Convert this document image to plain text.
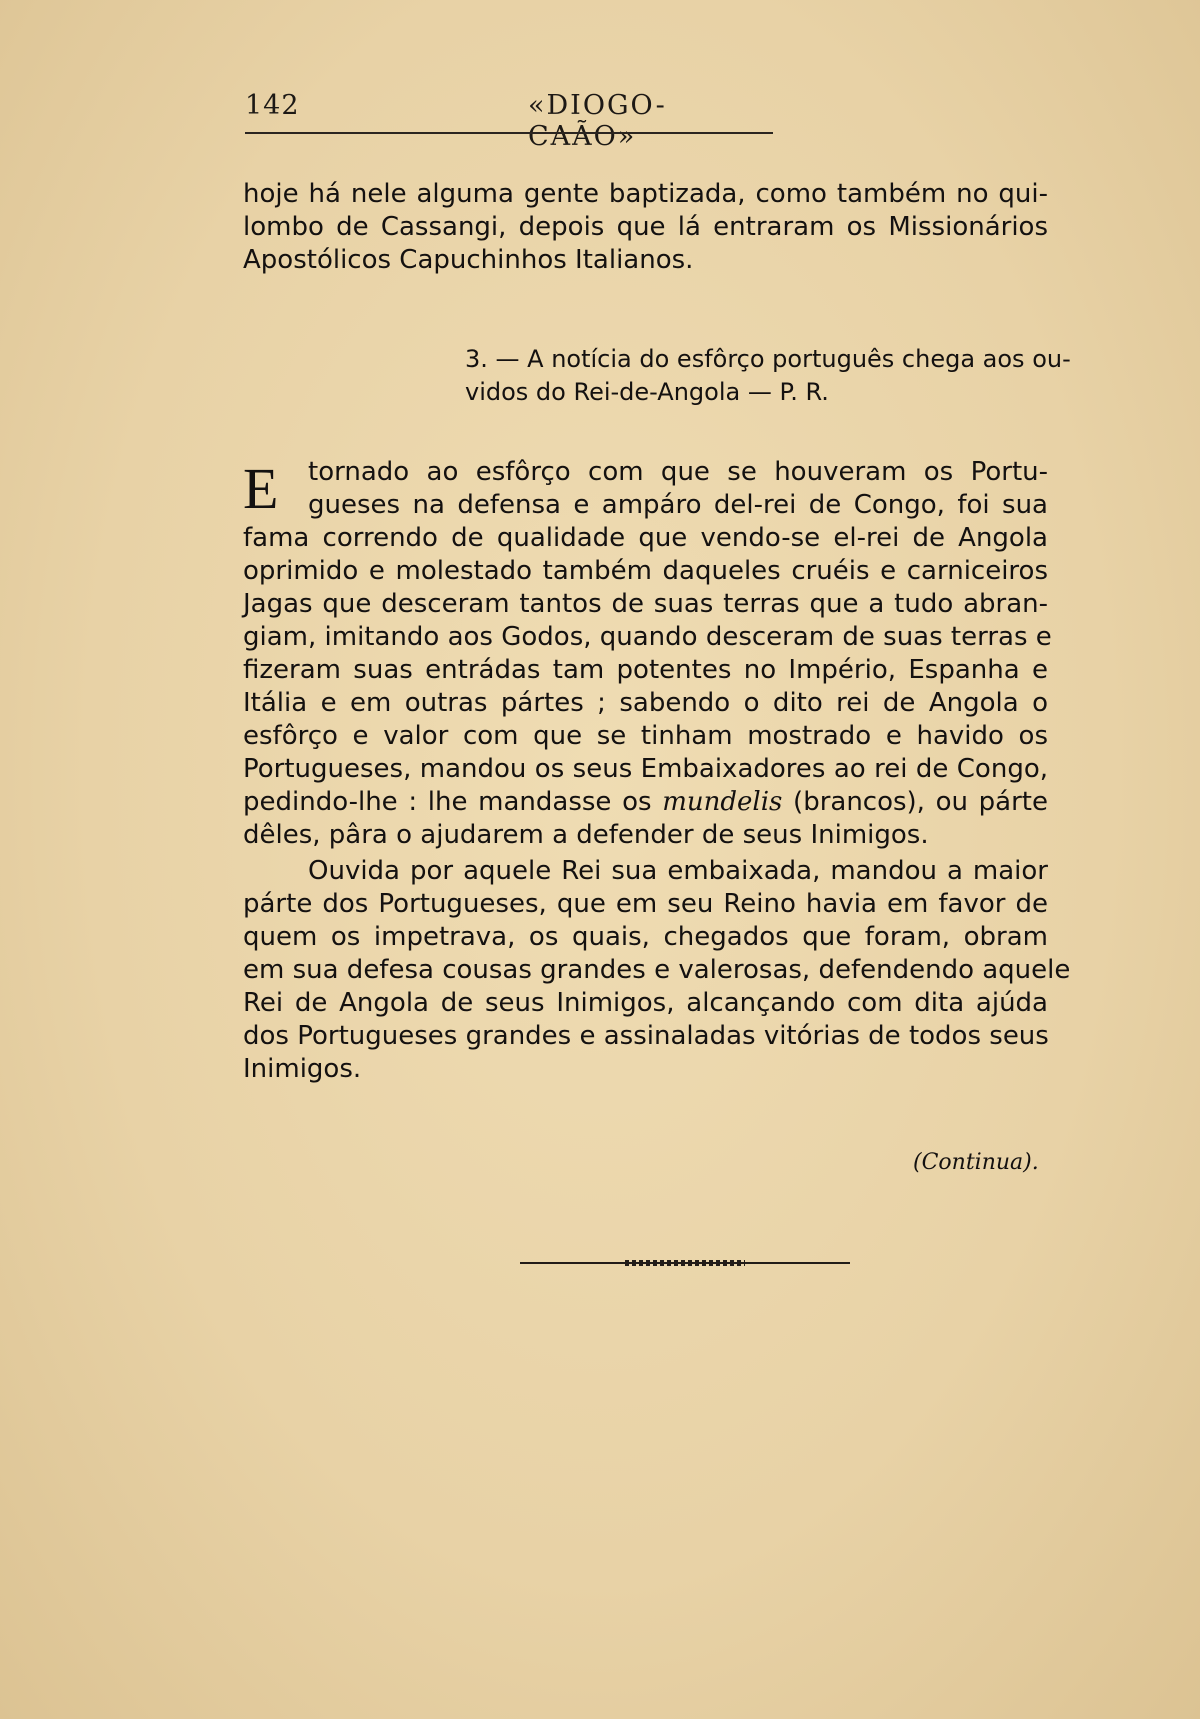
142	«DIOGO-CAÃO»
hoje há nele alguma gente baptizada, como também no qui-
lombo de Cassangi, depois que lá entraram os Missionários
Apostólicos Capuchinhos Italianos.
3. — A notícia do esfôrço português chega aos ou-
vidos do Rei-de-Angola — P. R.
E	tornado ao esfôrço com que se houveram os Portu-
gueses na defensa e ampáro del-rei de Congo, foi sua
fama correndo de qualidade que vendo-se el-rei de Angola
oprimido e molestado também daqueles cruéis e carniceiros
Jagas que desceram tantos de suas terras que a tudo abran-
giam, imitando aos Godos, quando desceram de suas terras e
fizeram suas entrádas tam potentes no Império, Espanha e
Itália e em outras pártes ; sabendo o dito rei de Angola o
esfôrço e valor com que se tinham mostrado e havido os
Portugueses, mandou os seus Embaixadores ao rei de Congo,
pedindo-lhe : lhe mandasse os mundelis (brancos), ou párte
dêles, pâra o ajudarem a defender de seus Inimigos.
Ouvida por aquele Rei sua embaixada, mandou a maior
párte dos Portugueses, que em seu Reino havia em favor de
quem os impetrava, os quais, chegados que foram, obram
em sua defesa cousas grandes e valerosas, defendendo aquele
Rei de Angola de seus Inimigos, alcançando com dita ajúda
dos Portugueses grandes e assinaladas vitórias de todos seus
Inimigos.
(Continua).
